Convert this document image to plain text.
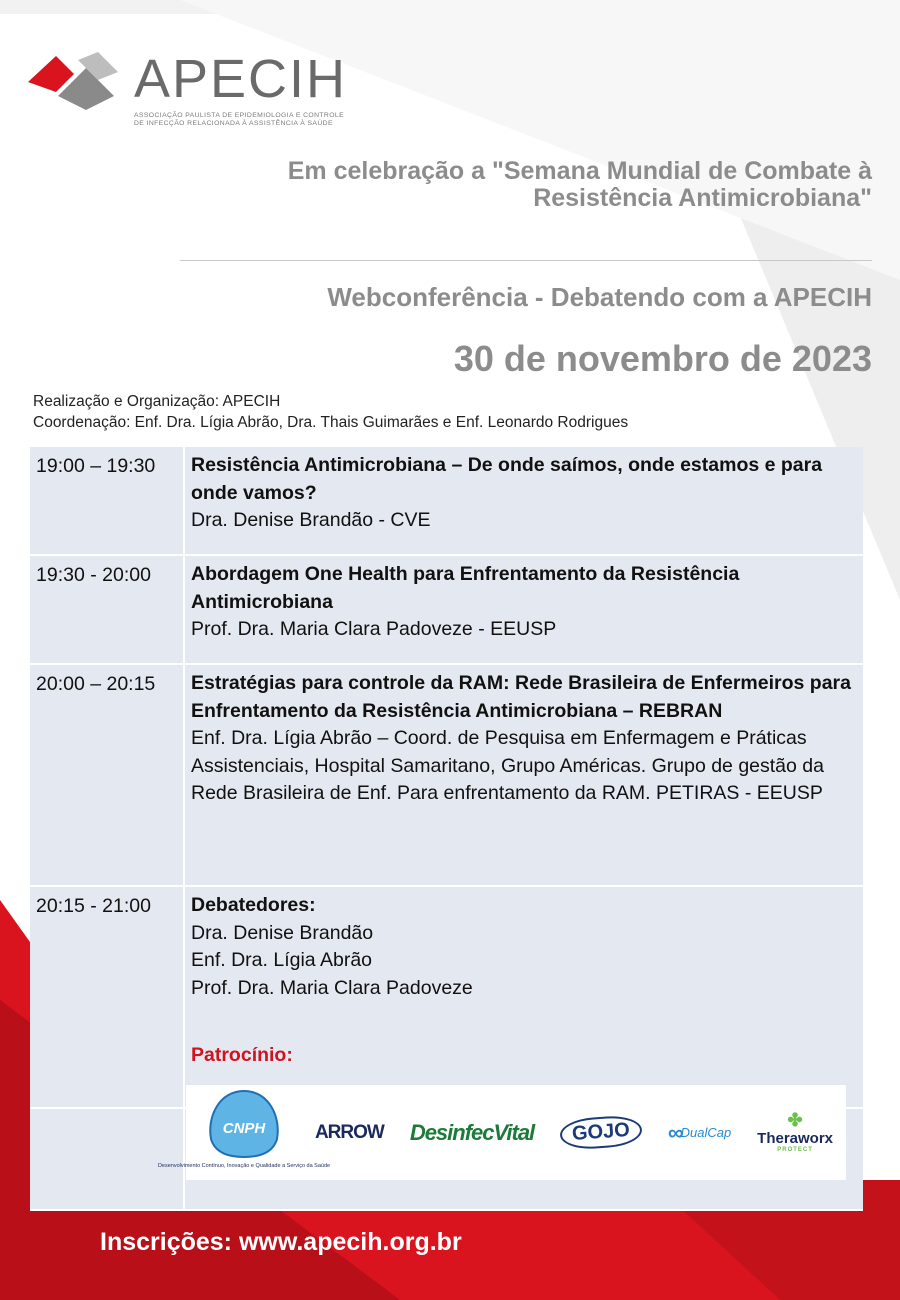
APECIH
ASSOCIAÇÃO PAULISTA DE EPIDEMIOLOGIA E CONTROLE
DE INFECÇÃO RELACIONADA À ASSISTÊNCIA À SAÚDE
Em celebração a "Semana Mundial de Combate à
Resistência Antimicrobiana"
Webconferência - Debatendo com a APECIH
30 de novembro de 2023
Realização e Organização: APECIH
Coordenação: Enf. Dra. Lígia Abrão, Dra. Thais Guimarães e Enf. Leonardo Rodrigues
19:00 – 19:30	Resistência Antimicrobiana – De onde saímos, onde estamos e para onde vamos?
Dra. Denise Brandão - CVE
19:30 - 20:00	Abordagem One Health para Enfrentamento da Resistência Antimicrobiana
Prof. Dra. Maria Clara Padoveze - EEUSP
20:00 – 20:15	Estratégias para controle da RAM: Rede Brasileira de Enfermeiros para Enfrentamento da Resistência Antimicrobiana – REBRAN
Enf. Dra. Lígia Abrão – Coord. de Pesquisa em Enfermagem e Práticas Assistenciais, Hospital Samaritano, Grupo Américas. Grupo de gestão da Rede Brasileira de Enf. Para enfrentamento da RAM. PETIRAS - EEUSP
20:15 - 21:00	Debatedores:
Dra. Denise Brandão
Enf. Dra. Lígia Abrão
Prof. Dra. Maria Clara Padoveze
Patrocínio:
CNPH
Desenvolvimento Contínuo, Inovação e Qualidade a Serviço da Saúde
ARROW DesinfecVital	GOJO	∞ DualCap
✤
Theraworx
PROTECT
Inscrições: www.apecih.org.br
